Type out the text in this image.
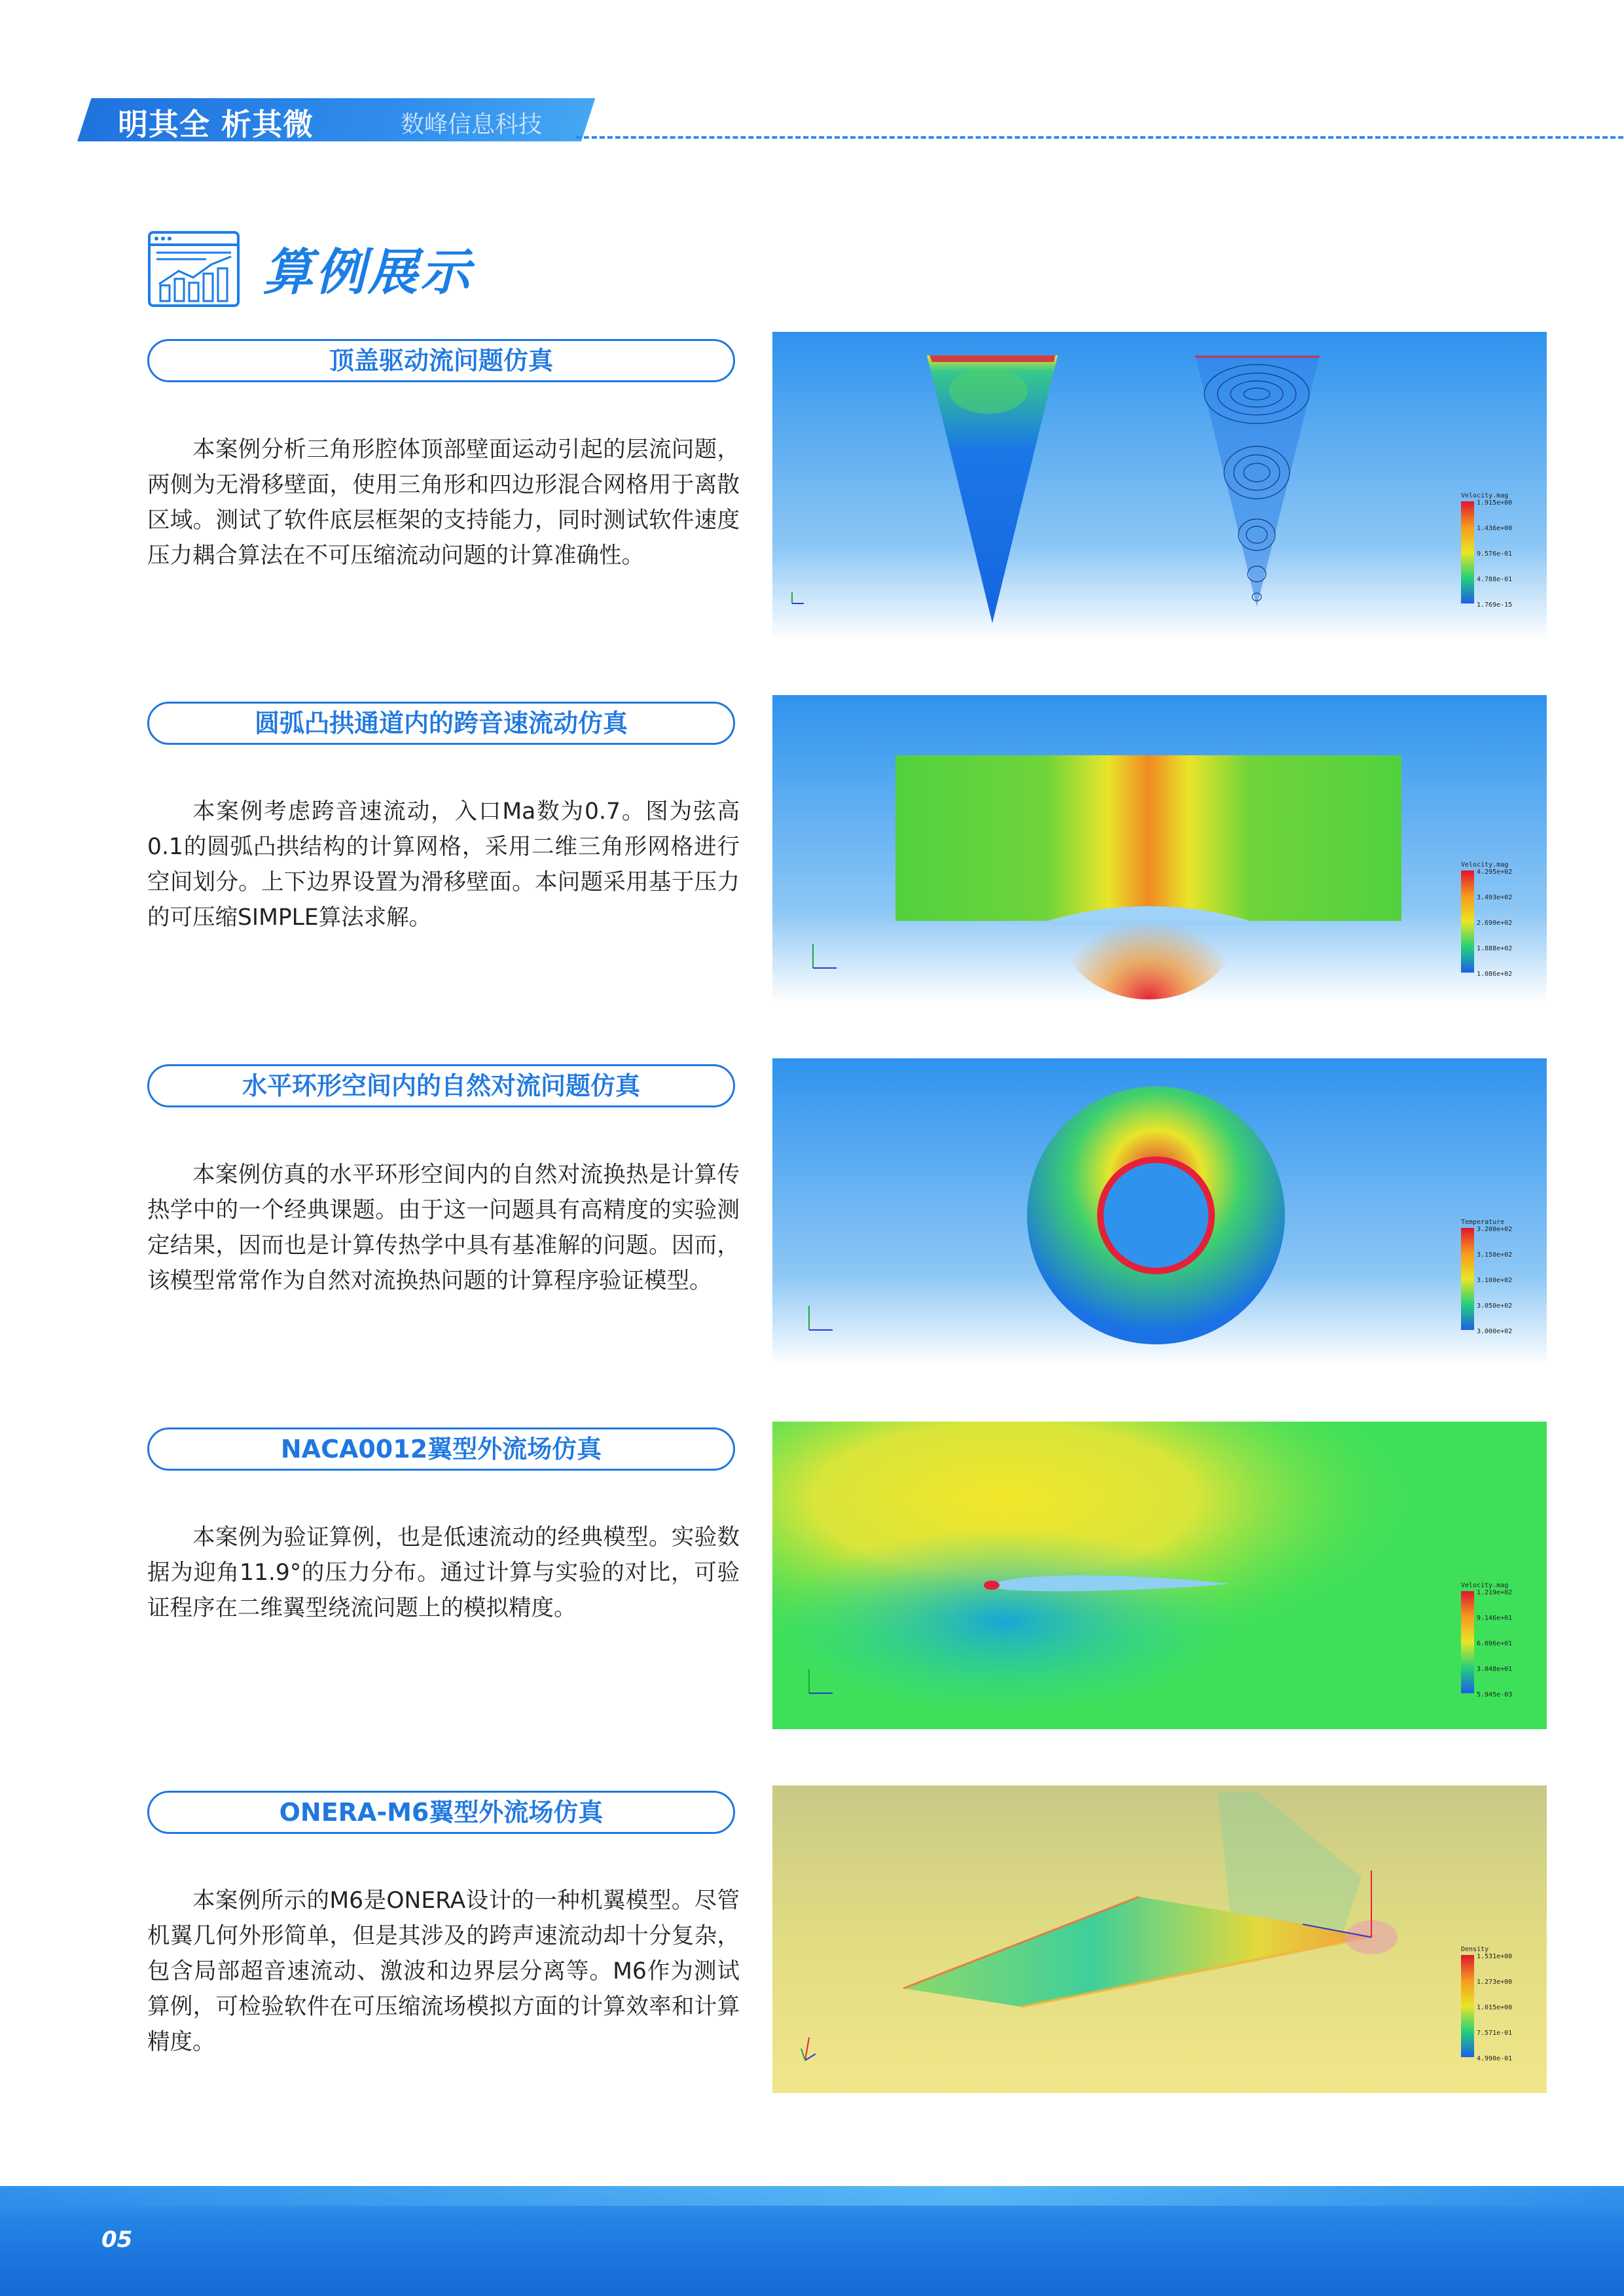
明其全 析其微	数峰信息科技
算例展示
顶盖驱动流问题仿真
本案例分析三角形腔体顶部壁面运动引起的层流问题，两侧为无滑移壁面，使用三角形和四边形混合网格用于离散区域。测试了软件底层框架的支持能力，同时测试软件速度压力耦合算法在不可压缩流动问题的计算准确性。
Velocity.mag
1.915e+00
1.436e+00
9.576e-01
4.788e-01
1.769e-15
圆弧凸拱通道内的跨音速流动仿真
本案例考虑跨音速流动，入口Ma数为0.7。图为弦高0.1的圆弧凸拱结构的计算网格，采用二维三角形网格进行空间划分。上下边界设置为滑移壁面。本问题采用基于压力的可压缩SIMPLE算法求解。
Velocity.mag
4.295e+02
3.493e+02
2.690e+02
1.888e+02
1.086e+02
水平环形空间内的自然对流问题仿真
本案例仿真的水平环形空间内的自然对流换热是计算传热学中的一个经典课题。由于这一问题具有高精度的实验测定结果，因而也是计算传热学中具有基准解的问题。因而，该模型常常作为自然对流换热问题的计算程序验证模型。
Temperature
3.200e+02
3.150e+02
3.100e+02
3.050e+02
3.000e+02
NACA0012翼型外流场仿真
本案例为验证算例，也是低速流动的经典模型。实验数据为迎角11.9°的压力分布。通过计算与实验的对比，可验证程序在二维翼型绕流问题上的模拟精度。
Velocity.mag
1.219e+02
9.146e+01
6.096e+01
3.048e+01
5.945e-03
ONERA-M6翼型外流场仿真
本案例所示的M6是ONERA设计的一种机翼模型。尽管机翼几何外形简单，但是其涉及的跨声速流动却十分复杂，包含局部超音速流动、激波和边界层分离等。M6作为测试算例，可检验软件在可压缩流场模拟方面的计算效率和计算精度。
Density
1.531e+00
1.273e+00
1.015e+00
7.571e-01
4.990e-01
05
